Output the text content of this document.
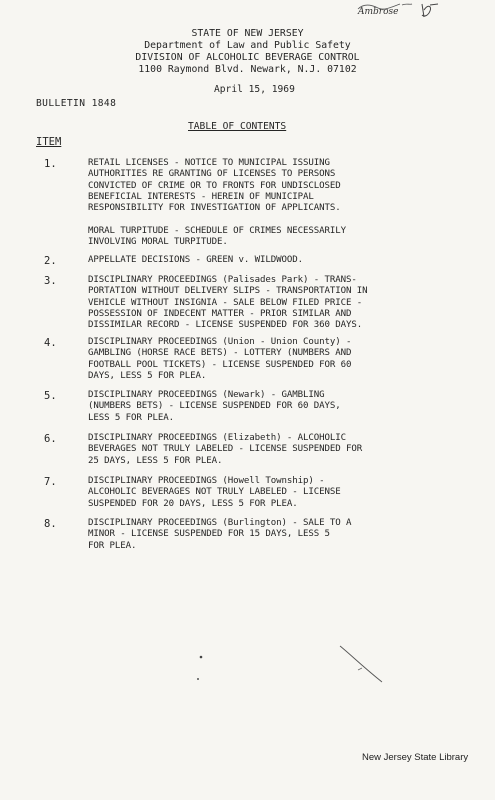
Ambrose
STATE OF NEW JERSEY
Department of Law and Public Safety
DIVISION OF ALCOHOLIC BEVERAGE CONTROL
1100 Raymond Blvd. Newark, N.J. 07102
April 15, 1969
BULLETIN 1848
TABLE OF CONTENTS
ITEM
1.	RETAIL LICENSES - NOTICE TO MUNICIPAL ISSUING
AUTHORITIES RE GRANTING OF LICENSES TO PERSONS
CONVICTED OF CRIME OR TO FRONTS FOR UNDISCLOSED
BENEFICIAL INTERESTS - HEREIN OF MUNICIPAL
RESPONSIBILITY FOR INVESTIGATION OF APPLICANTS.
MORAL TURPITUDE - SCHEDULE OF CRIMES NECESSARILY
INVOLVING MORAL TURPITUDE.
2.	APPELLATE DECISIONS - GREEN v. WILDWOOD.
3.	DISCIPLINARY PROCEEDINGS (Palisades Park) - TRANS-
PORTATION WITHOUT DELIVERY SLIPS - TRANSPORTATION IN
VEHICLE WITHOUT INSIGNIA - SALE BELOW FILED PRICE -
POSSESSION OF INDECENT MATTER - PRIOR SIMILAR AND
DISSIMILAR RECORD - LICENSE SUSPENDED FOR 360 DAYS.
4.	DISCIPLINARY PROCEEDINGS (Union - Union County) -
GAMBLING (HORSE RACE BETS) - LOTTERY (NUMBERS AND
FOOTBALL POOL TICKETS) - LICENSE SUSPENDED FOR 60
DAYS, LESS 5 FOR PLEA.
5.	DISCIPLINARY PROCEEDINGS (Newark) - GAMBLING
(NUMBERS BETS) - LICENSE SUSPENDED FOR 60 DAYS,
LESS 5 FOR PLEA.
6.	DISCIPLINARY PROCEEDINGS (Elizabeth) - ALCOHOLIC
BEVERAGES NOT TRULY LABELED - LICENSE SUSPENDED FOR
25 DAYS, LESS 5 FOR PLEA.
7.	DISCIPLINARY PROCEEDINGS (Howell Township) -
ALCOHOLIC BEVERAGES NOT TRULY LABELED - LICENSE
SUSPENDED FOR 20 DAYS, LESS 5 FOR PLEA.
8.	DISCIPLINARY PROCEEDINGS (Burlington) - SALE TO A
MINOR - LICENSE SUSPENDED FOR 15 DAYS, LESS 5
FOR PLEA.
New Jersey State Library
